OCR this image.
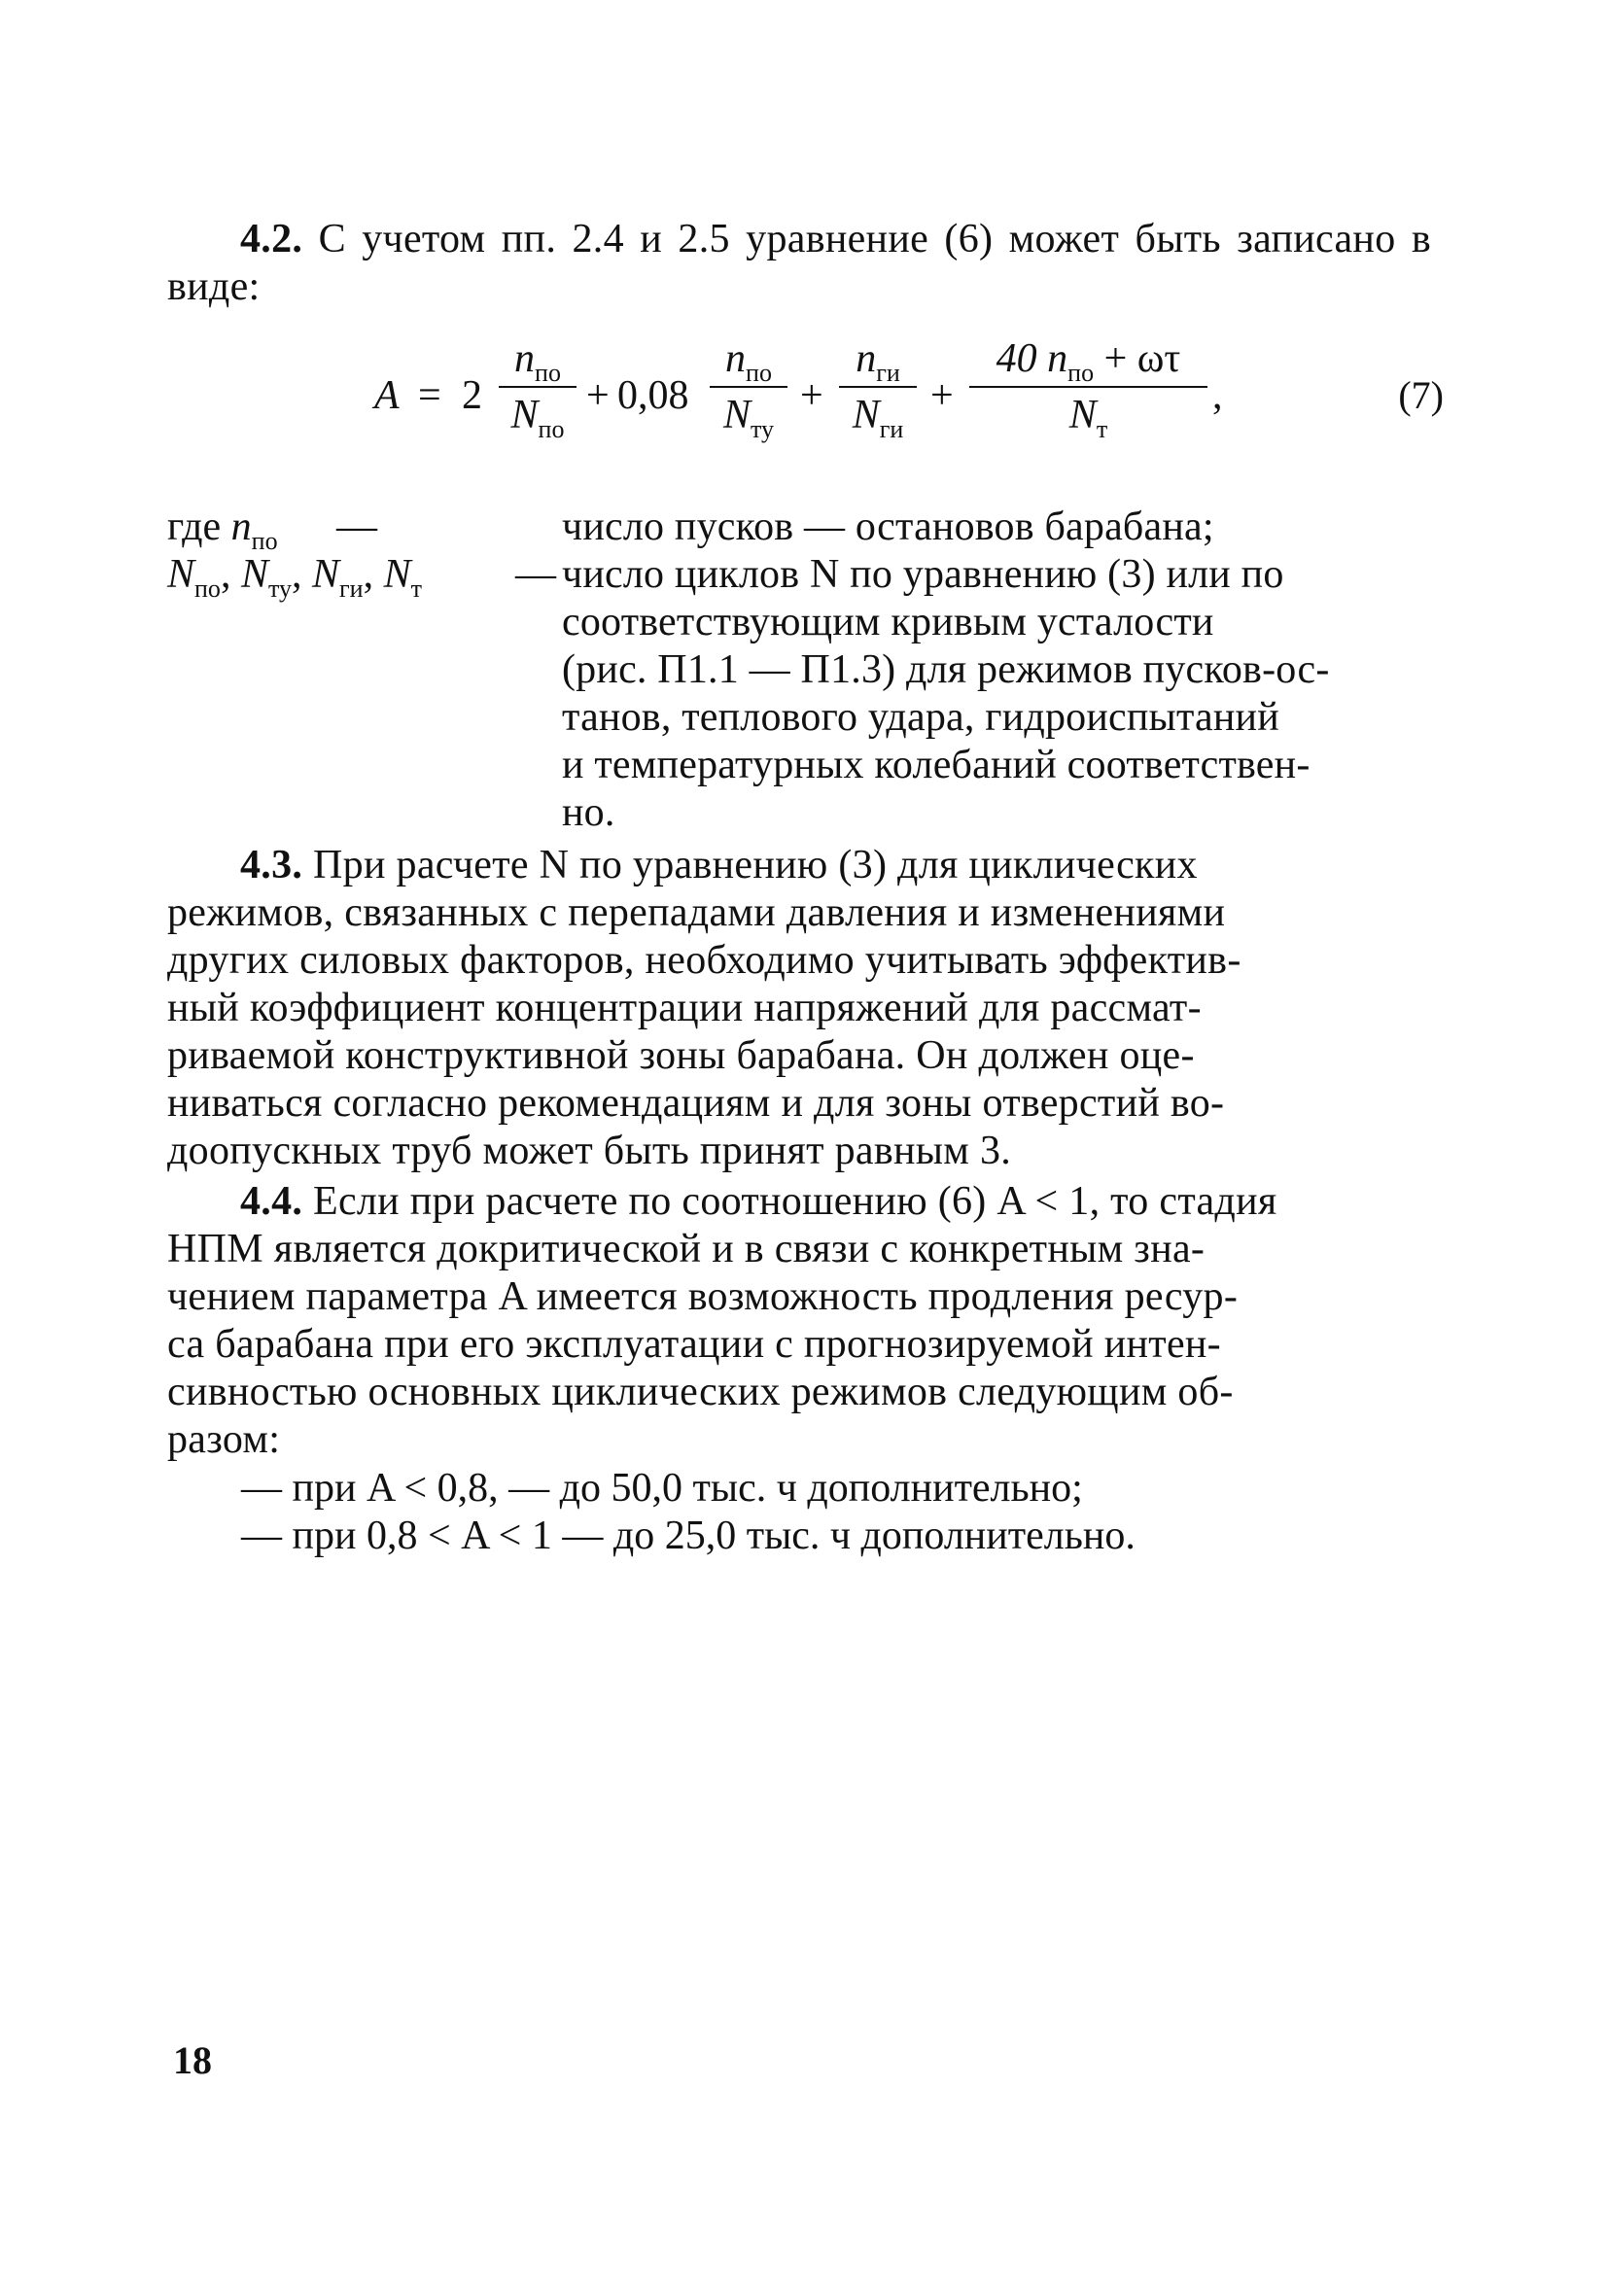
4.2. С учетом пп. 2.4 и 2.5 уравнение (6) может быть записано в виде:
A = 2
$n_{по}$
$N_{по}$
+ 0,08
$n_{по}$
$N_{ту}$
+
$n_{ги}$
$N_{ги}$
+
40 $n_{по} + \omega\tau$
$N_т$
,	(7)
где $n_{по}$ —	число пусков — остановов барабана;
$N_{по}$, $N_{ту}$, $N_{ги}$, $N_т$ — число циклов N по уравнению (3) или по
соответствующим кривым усталости
(рис. П1.1 — П1.3) для режимов пусков-ос-
танов, теплового удара, гидроиспытаний
и температурных колебаний соответствен-
но.
4.3. При расчете N по уравнению (3) для циклических
режимов, связанных с перепадами давления и изменениями
других силовых факторов, необходимо учитывать эффектив-
ный коэффициент концентрации напряжений для рассмат-
риваемой конструктивной зоны барабана. Он должен оце-
ниваться согласно рекомендациям и для зоны отверстий во-
доопускных труб может быть принят равным 3.
4.4. Если при расчете по соотношению (6) A < 1, то стадия
НПМ является докритической и в связи с конкретным зна-
чением параметра A имеется возможность продления ресур-
са барабана при его эксплуатации с прогнозируемой интен-
сивностью основных циклических режимов следующим об-
разом:
— при A < 0,8, — до 50,0 тыс. ч дополнительно;
— при 0,8 < A < 1 — до 25,0 тыс. ч дополнительно.
18
